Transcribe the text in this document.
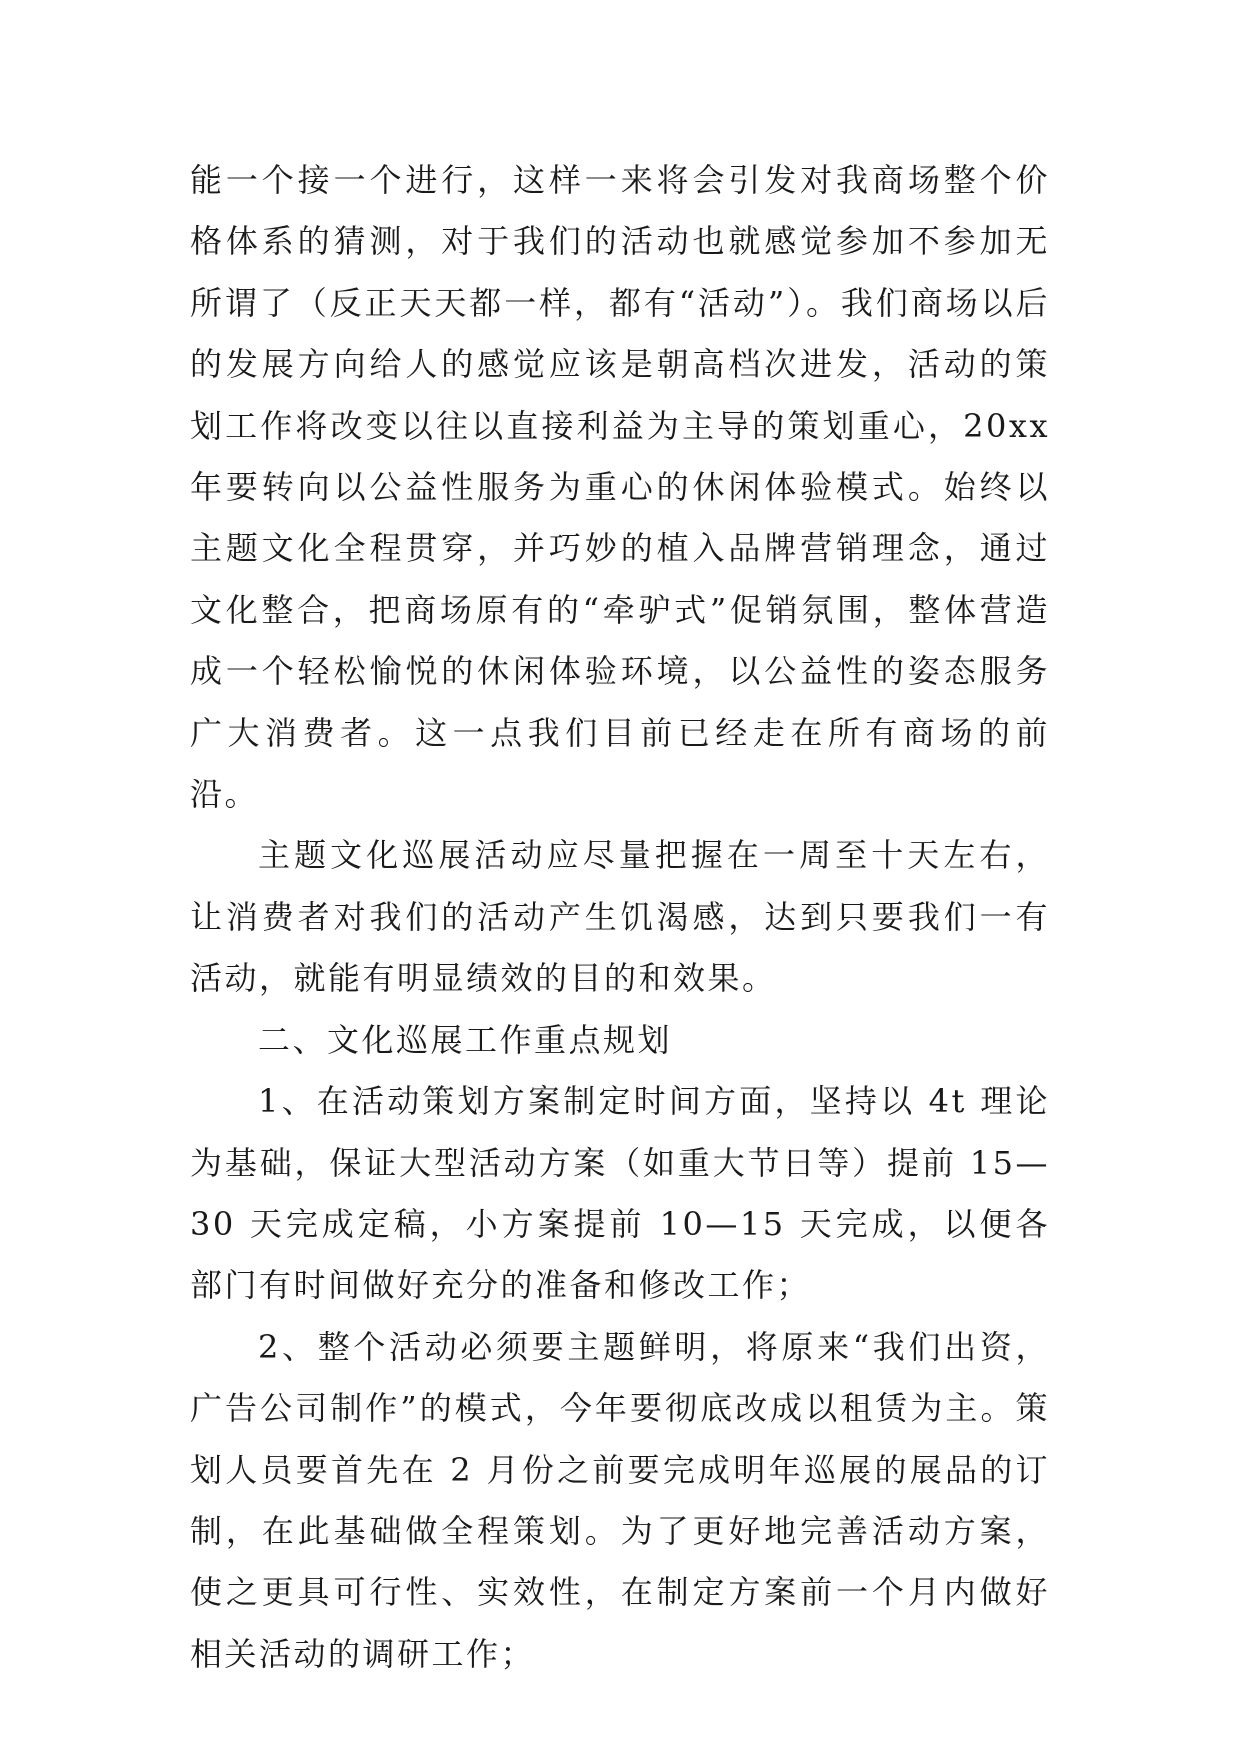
能一个接一个进行，这样一来将会引发对我商场整个价格体系的猜测，对于我们的活动也就感觉参加不参加无所谓了（反正天天都一样，都有“活动”）。我们商场以后的发展方向给人的感觉应该是朝高档次进发，活动的策划工作将改变以往以直接利益为主导的策划重心，20xx 年要转向以公益性服务为重心的休闲体验模式。始终以主题文化全程贯穿，并巧妙的植入品牌营销理念，通过文化整合，把商场原有的“牵驴式”促销氛围，整体营造成一个轻松愉悦的休闲体验环境，以公益性的姿态服务广大消费者。这一点我们目前已经走在所有商场的前沿。

主题文化巡展活动应尽量把握在一周至十天左右，让消费者对我们的活动产生饥渴感，达到只要我们一有活动，就能有明显绩效的目的和效果。

二、文化巡展工作重点规划

1、在活动策划方案制定时间方面，坚持以 4t 理论为基础，保证大型活动方案（如重大节日等）提前 15—30 天完成定稿，小方案提前 10—15 天完成，以便各部门有时间做好充分的准备和修改工作；

2、整个活动必须要主题鲜明，将原来“我们出资，广告公司制作”的模式，今年要彻底改成以租赁为主。策划人员要首先在 2 月份之前要完成明年巡展的展品的订制，在此基础做全程策划。为了更好地完善活动方案，使之更具可行性、实效性，在制定方案前一个月内做好相关活动的调研工作；
